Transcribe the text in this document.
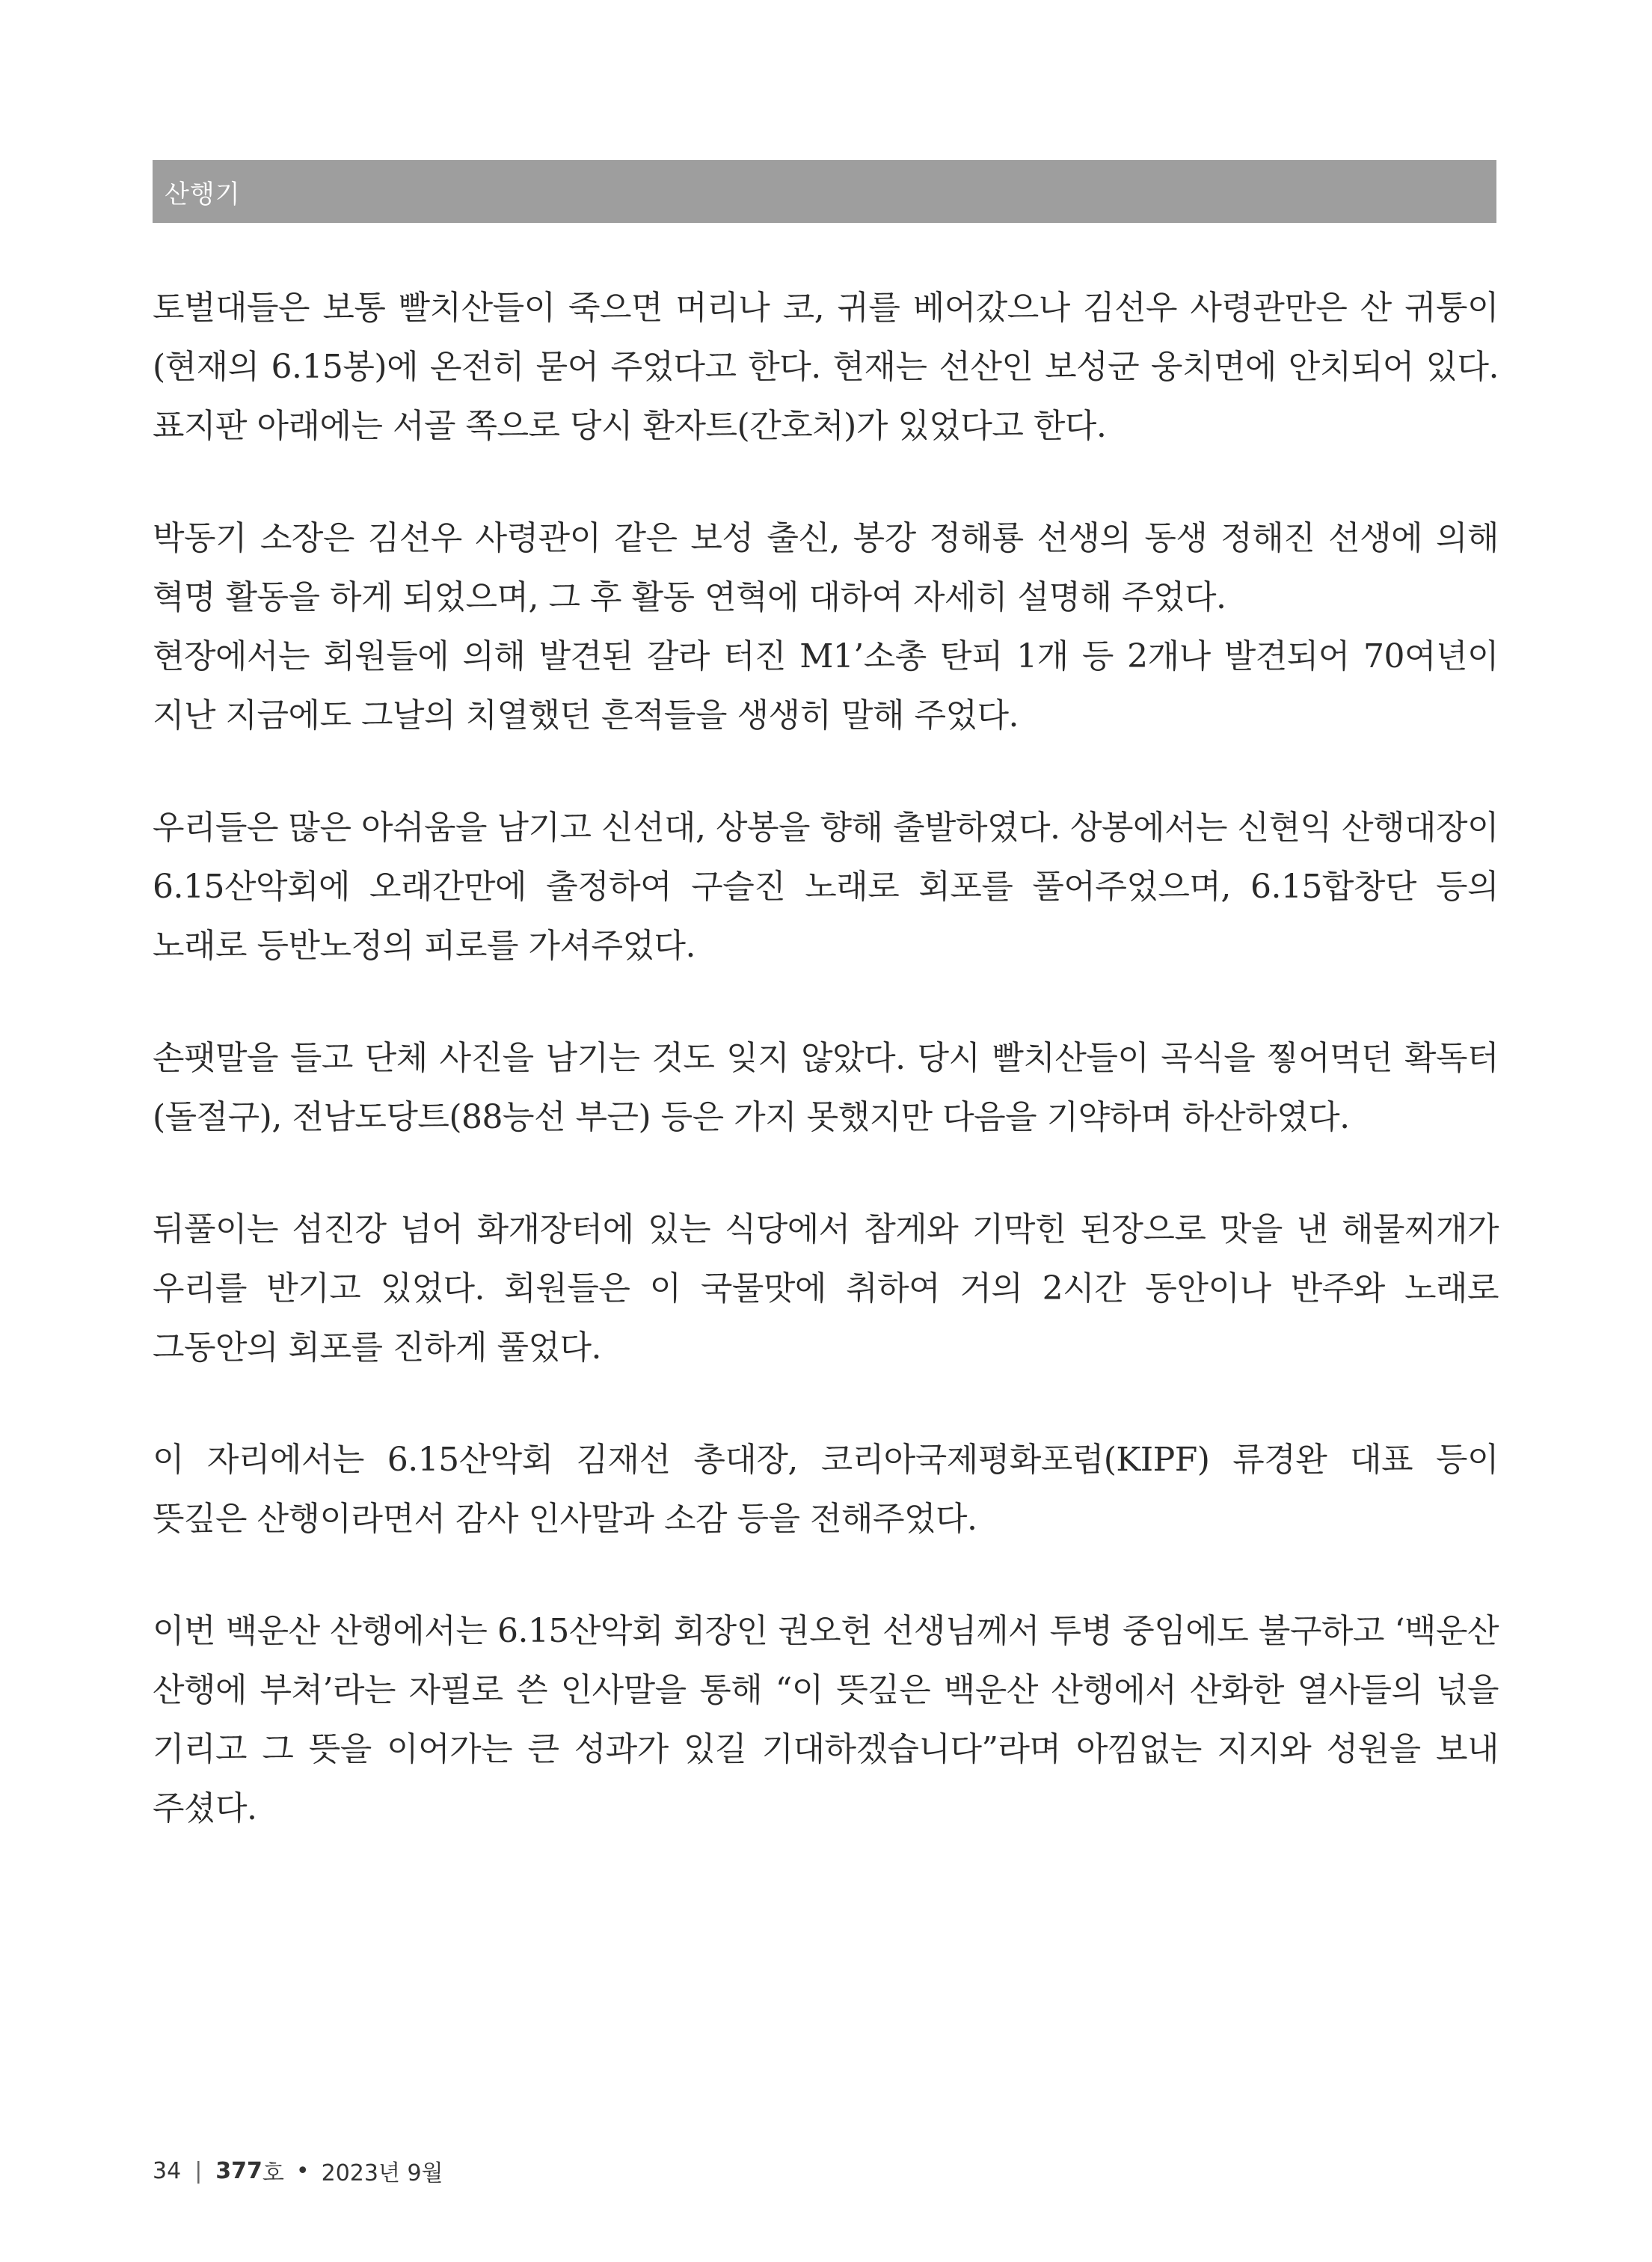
산행기

토벌대들은 보통 빨치산들이 죽으면 머리나 코, 귀를 베어갔으나 김선우 사령관만은 산 귀퉁이(현재의 6.15봉)에 온전히 묻어 주었다고 한다. 현재는 선산인 보성군 웅치면에 안치되어 있다. 표지판 아래에는 서골 쪽으로 당시 환자트(간호처)가 있었다고 한다.

박동기 소장은 김선우 사령관이 같은 보성 출신, 봉강 정해룡 선생의 동생 정해진 선생에 의해 혁명 활동을 하게 되었으며, 그 후 활동 연혁에 대하여 자세히 설명해 주었다.

현장에서는 회원들에 의해 발견된 갈라 터진 M1’소총 탄피 1개 등 2개나 발견되어 70여년이 지난 지금에도 그날의 치열했던 흔적들을 생생히 말해 주었다.

우리들은 많은 아쉬움을 남기고 신선대, 상봉을 향해 출발하였다. 상봉에서는 신현익 산행대장이 6.15산악회에 오래간만에 출정하여 구슬진 노래로 회포를 풀어주었으며, 6.15합창단 등의 노래로 등반노정의 피로를 가셔주었다.

손팻말을 들고 단체 사진을 남기는 것도 잊지 않았다. 당시 빨치산들이 곡식을 찧어먹던 확독터(돌절구), 전남도당트(88능선 부근) 등은 가지 못했지만 다음을 기약하며 하산하였다.

뒤풀이는 섬진강 넘어 화개장터에 있는 식당에서 참게와 기막힌 된장으로 맛을 낸 해물찌개가 우리를 반기고 있었다. 회원들은 이 국물맛에 취하여 거의 2시간 동안이나 반주와 노래로 그동안의 회포를 진하게 풀었다.

이 자리에서는 6.15산악회 김재선 총대장, 코리아국제평화포럼(KIPF) 류경완 대표 등이 뜻깊은 산행이라면서 감사 인사말과 소감 등을 전해주었다.

이번 백운산 산행에서는 6.15산악회 회장인 권오헌 선생님께서 투병 중임에도 불구하고 ‘백운산 산행에 부쳐’라는 자필로 쓴 인사말을 통해 “이 뜻깊은 백운산 산행에서 산화한 열사들의 넋을 기리고 그 뜻을 이어가는 큰 성과가 있길 기대하겠습니다”라며 아낌없는 지지와 성원을 보내 주셨다.

34 | 377 호 • 2023년 9월
